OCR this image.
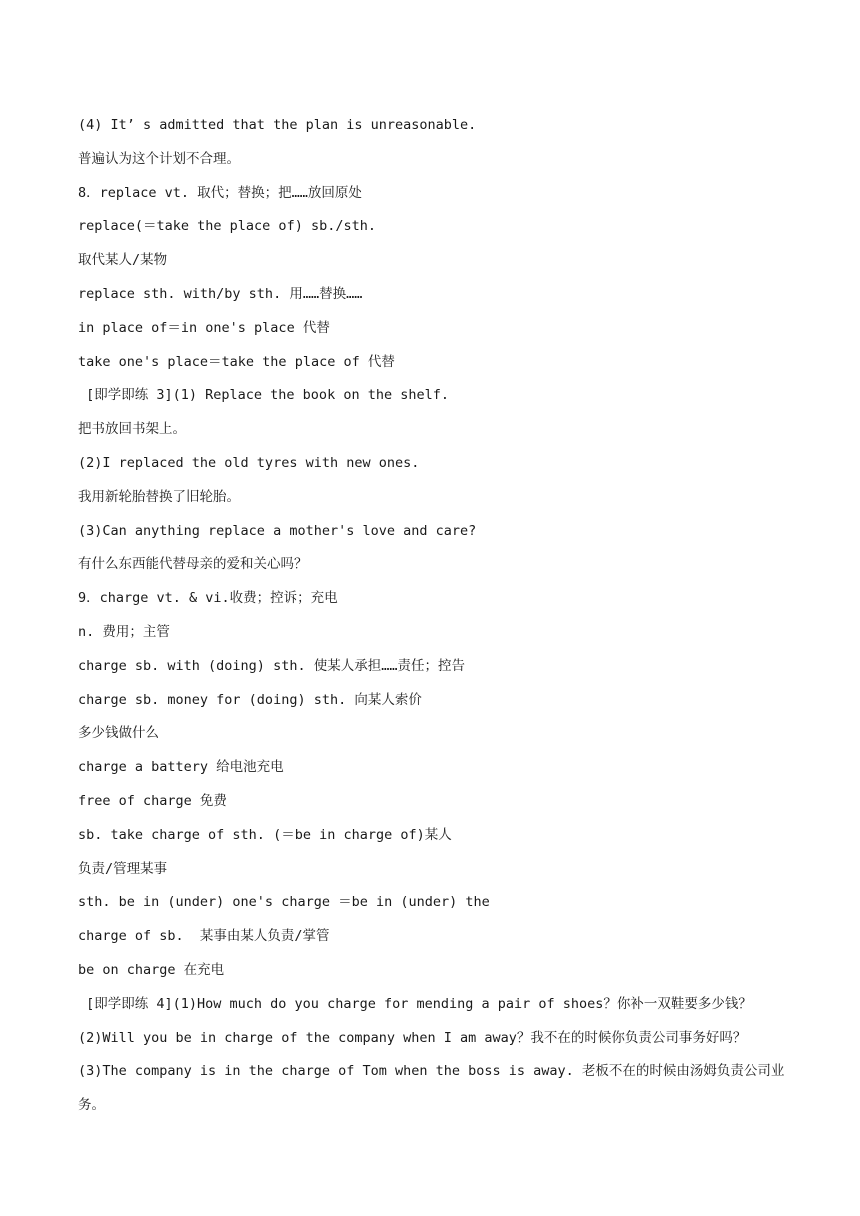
(4) It’ s admitted that the plan is unreasonable.
普遍认为这个计划不合理。
8．replace vt. 取代；替换；把……放回原处
replace(＝take the place of) sb./sth.
取代某人/某物
replace sth. with/by sth. 用……替换……
in place of＝in one's place 代替
take one's place＝take the place of 代替
[即学即练 3](1) Replace the book on the shelf.
把书放回书架上。
(2)I replaced the old tyres with new ones.
我用新轮胎替换了旧轮胎。
(3)Can anything replace a mother's love and care?
有什么东西能代替母亲的爱和关心吗？
9．charge vt. & vi.收费；控诉；充电
n. 费用；主管
charge sb. with (doing) sth. 使某人承担……责任；控告
charge sb. money for (doing) sth. 向某人索价
多少钱做什么
charge a battery 给电池充电
free of charge 免费
sb. take charge of sth. (＝be in charge of)某人
负责/管理某事
sth. be in (under) one's charge ＝be in (under) the
charge of sb.  某事由某人负责/掌管
be on charge 在充电
[即学即练 4](1)How much do you charge for mending a pair of shoes？你补一双鞋要多少钱？
(2)Will you be in charge of the company when I am away？我不在的时候你负责公司事务好吗？
(3)The company is in the charge of Tom when the boss is away. 老板不在的时候由汤姆负责公司业
务。
